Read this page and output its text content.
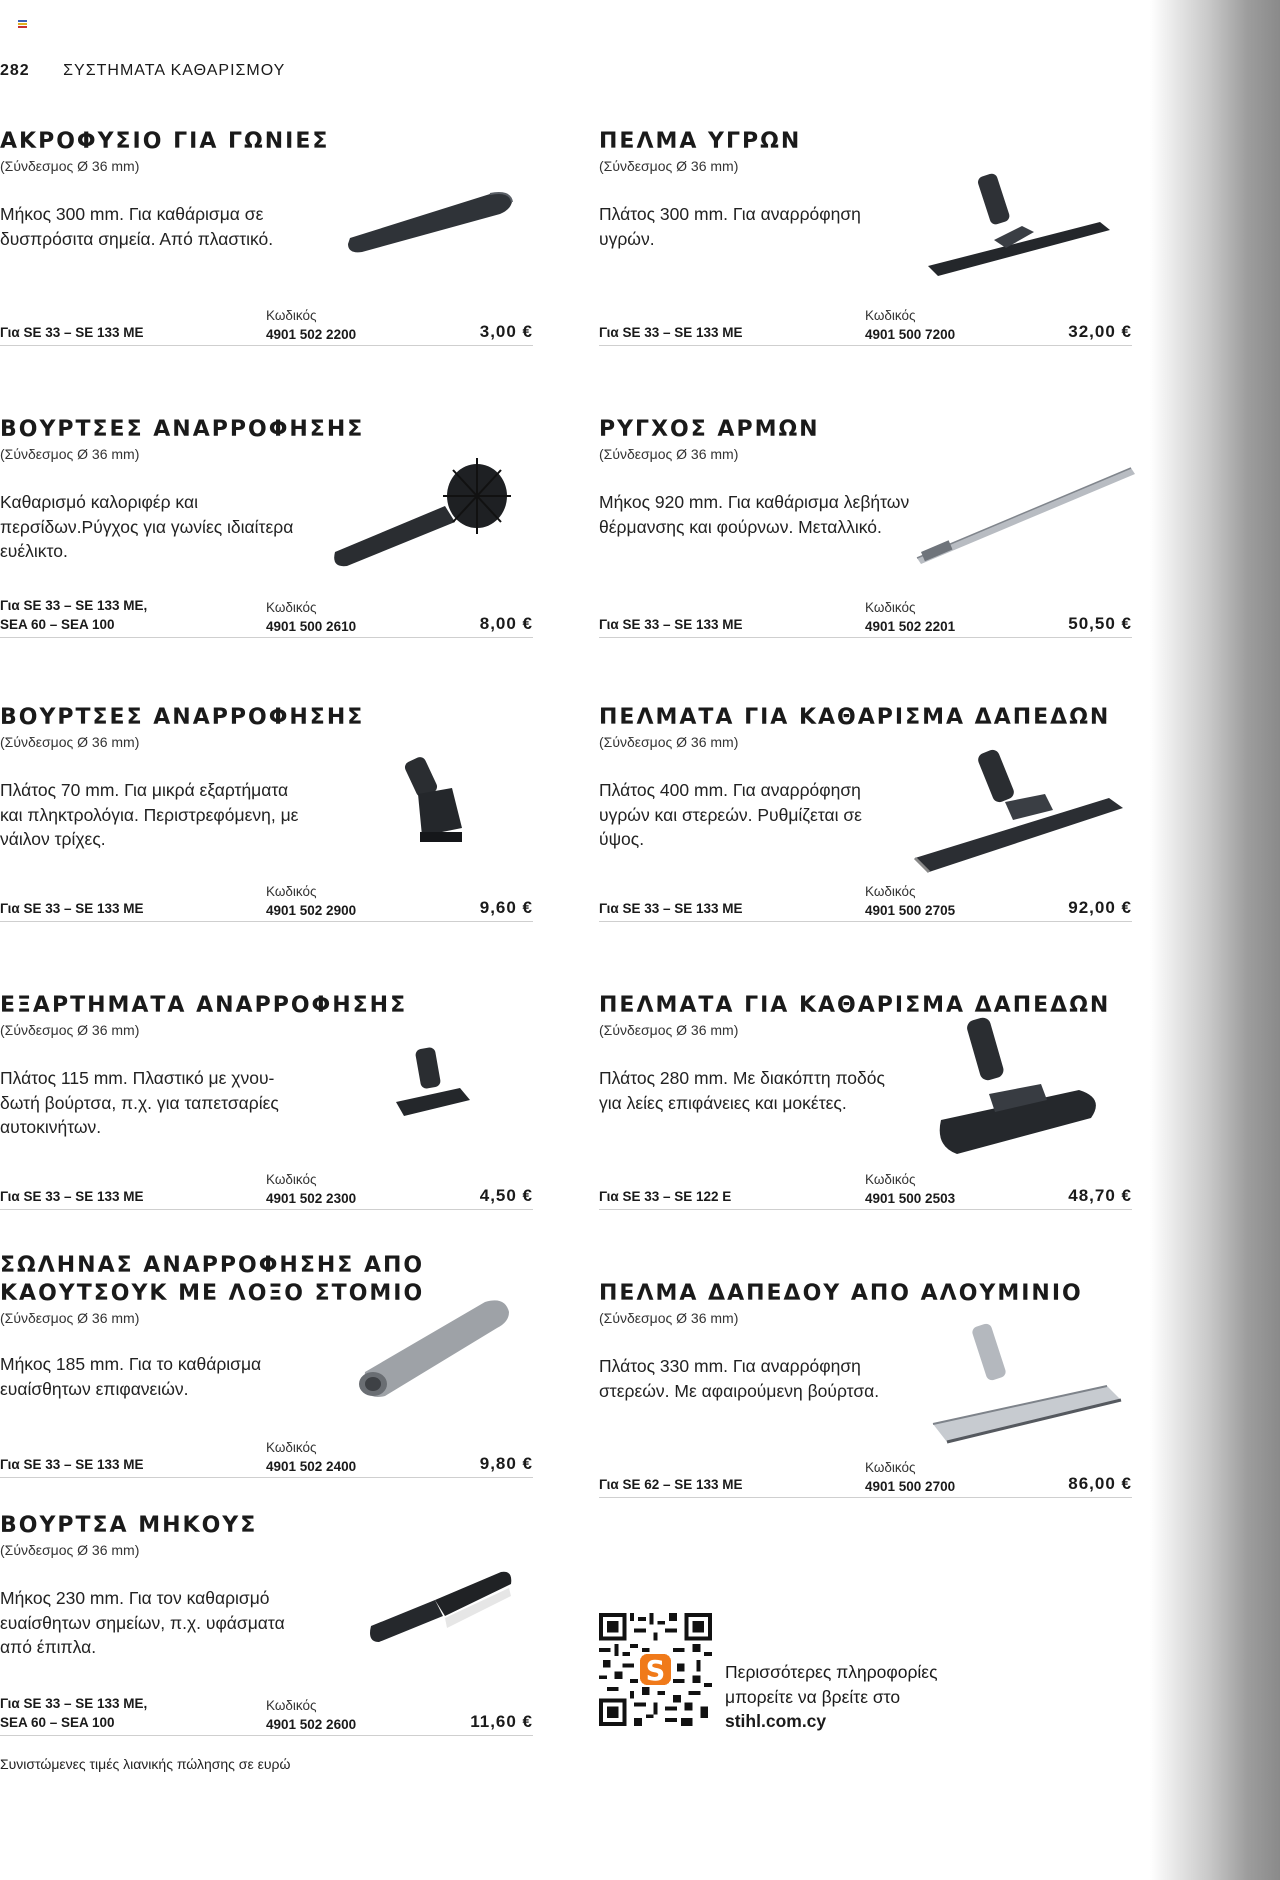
282 ΣΥΣΤΗΜΑΤΑ ΚΑΘΑΡΙΣΜΟΥ
ΑΚΡΟΦΥΣΙΟ ΓΙΑ ΓΩΝΙΕΣ
(Σύνδεσμος Ø 36 mm)
Μήκος 300 mm. Για καθάρισμα σε δυσπρόσιτα σημεία. Από πλαστικό.
Για SE 33 – SE 133 ME
Κωδικός
4901 502 2200	3,00 €
ΠΕΛΜΑ ΥΓΡΩΝ
(Σύνδεσμος Ø 36 mm)
Πλάτος 300 mm. Για αναρρόφηση υγρών.
Για SE 33 – SE 133 ME
Κωδικός
4901 500 7200	32,00 €
ΒΟΥΡΤΣΕΣ ΑΝΑΡΡΟΦΗΣΗΣ
(Σύνδεσμος Ø 36 mm)
Καθαρισμό καλοριφέρ και περσίδων.Ρύγχος για γωνίες ιδιαίτερα ευέλικτο.
Για SE 33 – SE 133 ME,
SEA 60 – SEA 100
Κωδικός
4901 500 2610	8,00 €
ΡΥΓΧΟΣ ΑΡΜΩΝ
(Σύνδεσμος Ø 36 mm)
Μήκος 920 mm. Για καθάρισμα λεβήτων θέρμανσης και φούρνων. Μεταλλικό.
Για SE 33 – SE 133 ME
Κωδικός
4901 502 2201	50,50 €
ΒΟΥΡΤΣΕΣ ΑΝΑΡΡΟΦΗΣΗΣ
(Σύνδεσμος Ø 36 mm)
Πλάτος 70 mm. Για μικρά εξαρτήματα και πληκτρολόγια. Περιστρεφόμενη, με νάιλον τρίχες.
Για SE 33 – SE 133 ME
Κωδικός
4901 502 2900	9,60 €
ΠΕΛΜΑΤΑ ΓΙΑ ΚΑΘΑΡΙΣΜΑ ΔΑΠΕΔΩΝ
(Σύνδεσμος Ø 36 mm)
Πλάτος 400 mm. Για αναρρόφηση υγρών και στερεών. Ρυθμίζεται σε ύψος.
Για SE 33 – SE 133 ME
Κωδικός
4901 500 2705	92,00 €
ΕΞΑΡΤΗΜΑΤΑ ΑΝΑΡΡΟΦΗΣΗΣ
(Σύνδεσμος Ø 36 mm)
Πλάτος 115 mm. Πλαστικό με χνουδωτή βούρτσα, π.χ. για ταπετσαρίες αυτοκινήτων.
Για SE 33 – SE 133 ME
Κωδικός
4901 502 2300	4,50 €
ΠΕΛΜΑΤΑ ΓΙΑ ΚΑΘΑΡΙΣΜΑ ΔΑΠΕΔΩΝ
(Σύνδεσμος Ø 36 mm)
Πλάτος 280 mm. Με διακόπτη ποδός για λείες επιφάνειες και μοκέτες.
Για SE 33 – SE 122 E
Κωδικός
4901 500 2503	48,70 €
ΣΩΛΗΝΑΣ ΑΝΑΡΡΟΦΗΣΗΣ ΑΠΟ ΚΑΟΥΤΣΟΥΚ ΜΕ ΛΟΞΟ ΣΤΟΜΙΟ
(Σύνδεσμος Ø 36 mm)
Μήκος 185 mm. Για το καθάρισμα ευαίσθητων επιφανειών.
Για SE 33 – SE 133 ME
Κωδικός
4901 502 2400	9,80 €
ΠΕΛΜΑ ΔΑΠΕΔΟΥ ΑΠΟ ΑΛΟΥΜΙΝΙΟ
(Σύνδεσμος Ø 36 mm)
Πλάτος 330 mm. Για αναρρόφηση στερεών. Με αφαιρούμενη βούρτσα.
Για SE 62 – SE 133 ME
Κωδικός
4901 500 2700	86,00 €
ΒΟΥΡΤΣΑ ΜΗΚΟΥΣ
(Σύνδεσμος Ø 36 mm)
Μήκος 230 mm. Για τον καθαρισμό ευαίσθητων σημείων, π.χ. υφάσματα από έπιπλα.
Για SE 33 – SE 133 ME,
SEA 60 – SEA 100
Κωδικός
4901 502 2600	11,60 €
S	Περισσότερες πληροφορίες
μπορείτε να βρείτε στο
stihl.com.cy
Συνιστώμενες τιμές λιανικής πώλησης σε ευρώ
